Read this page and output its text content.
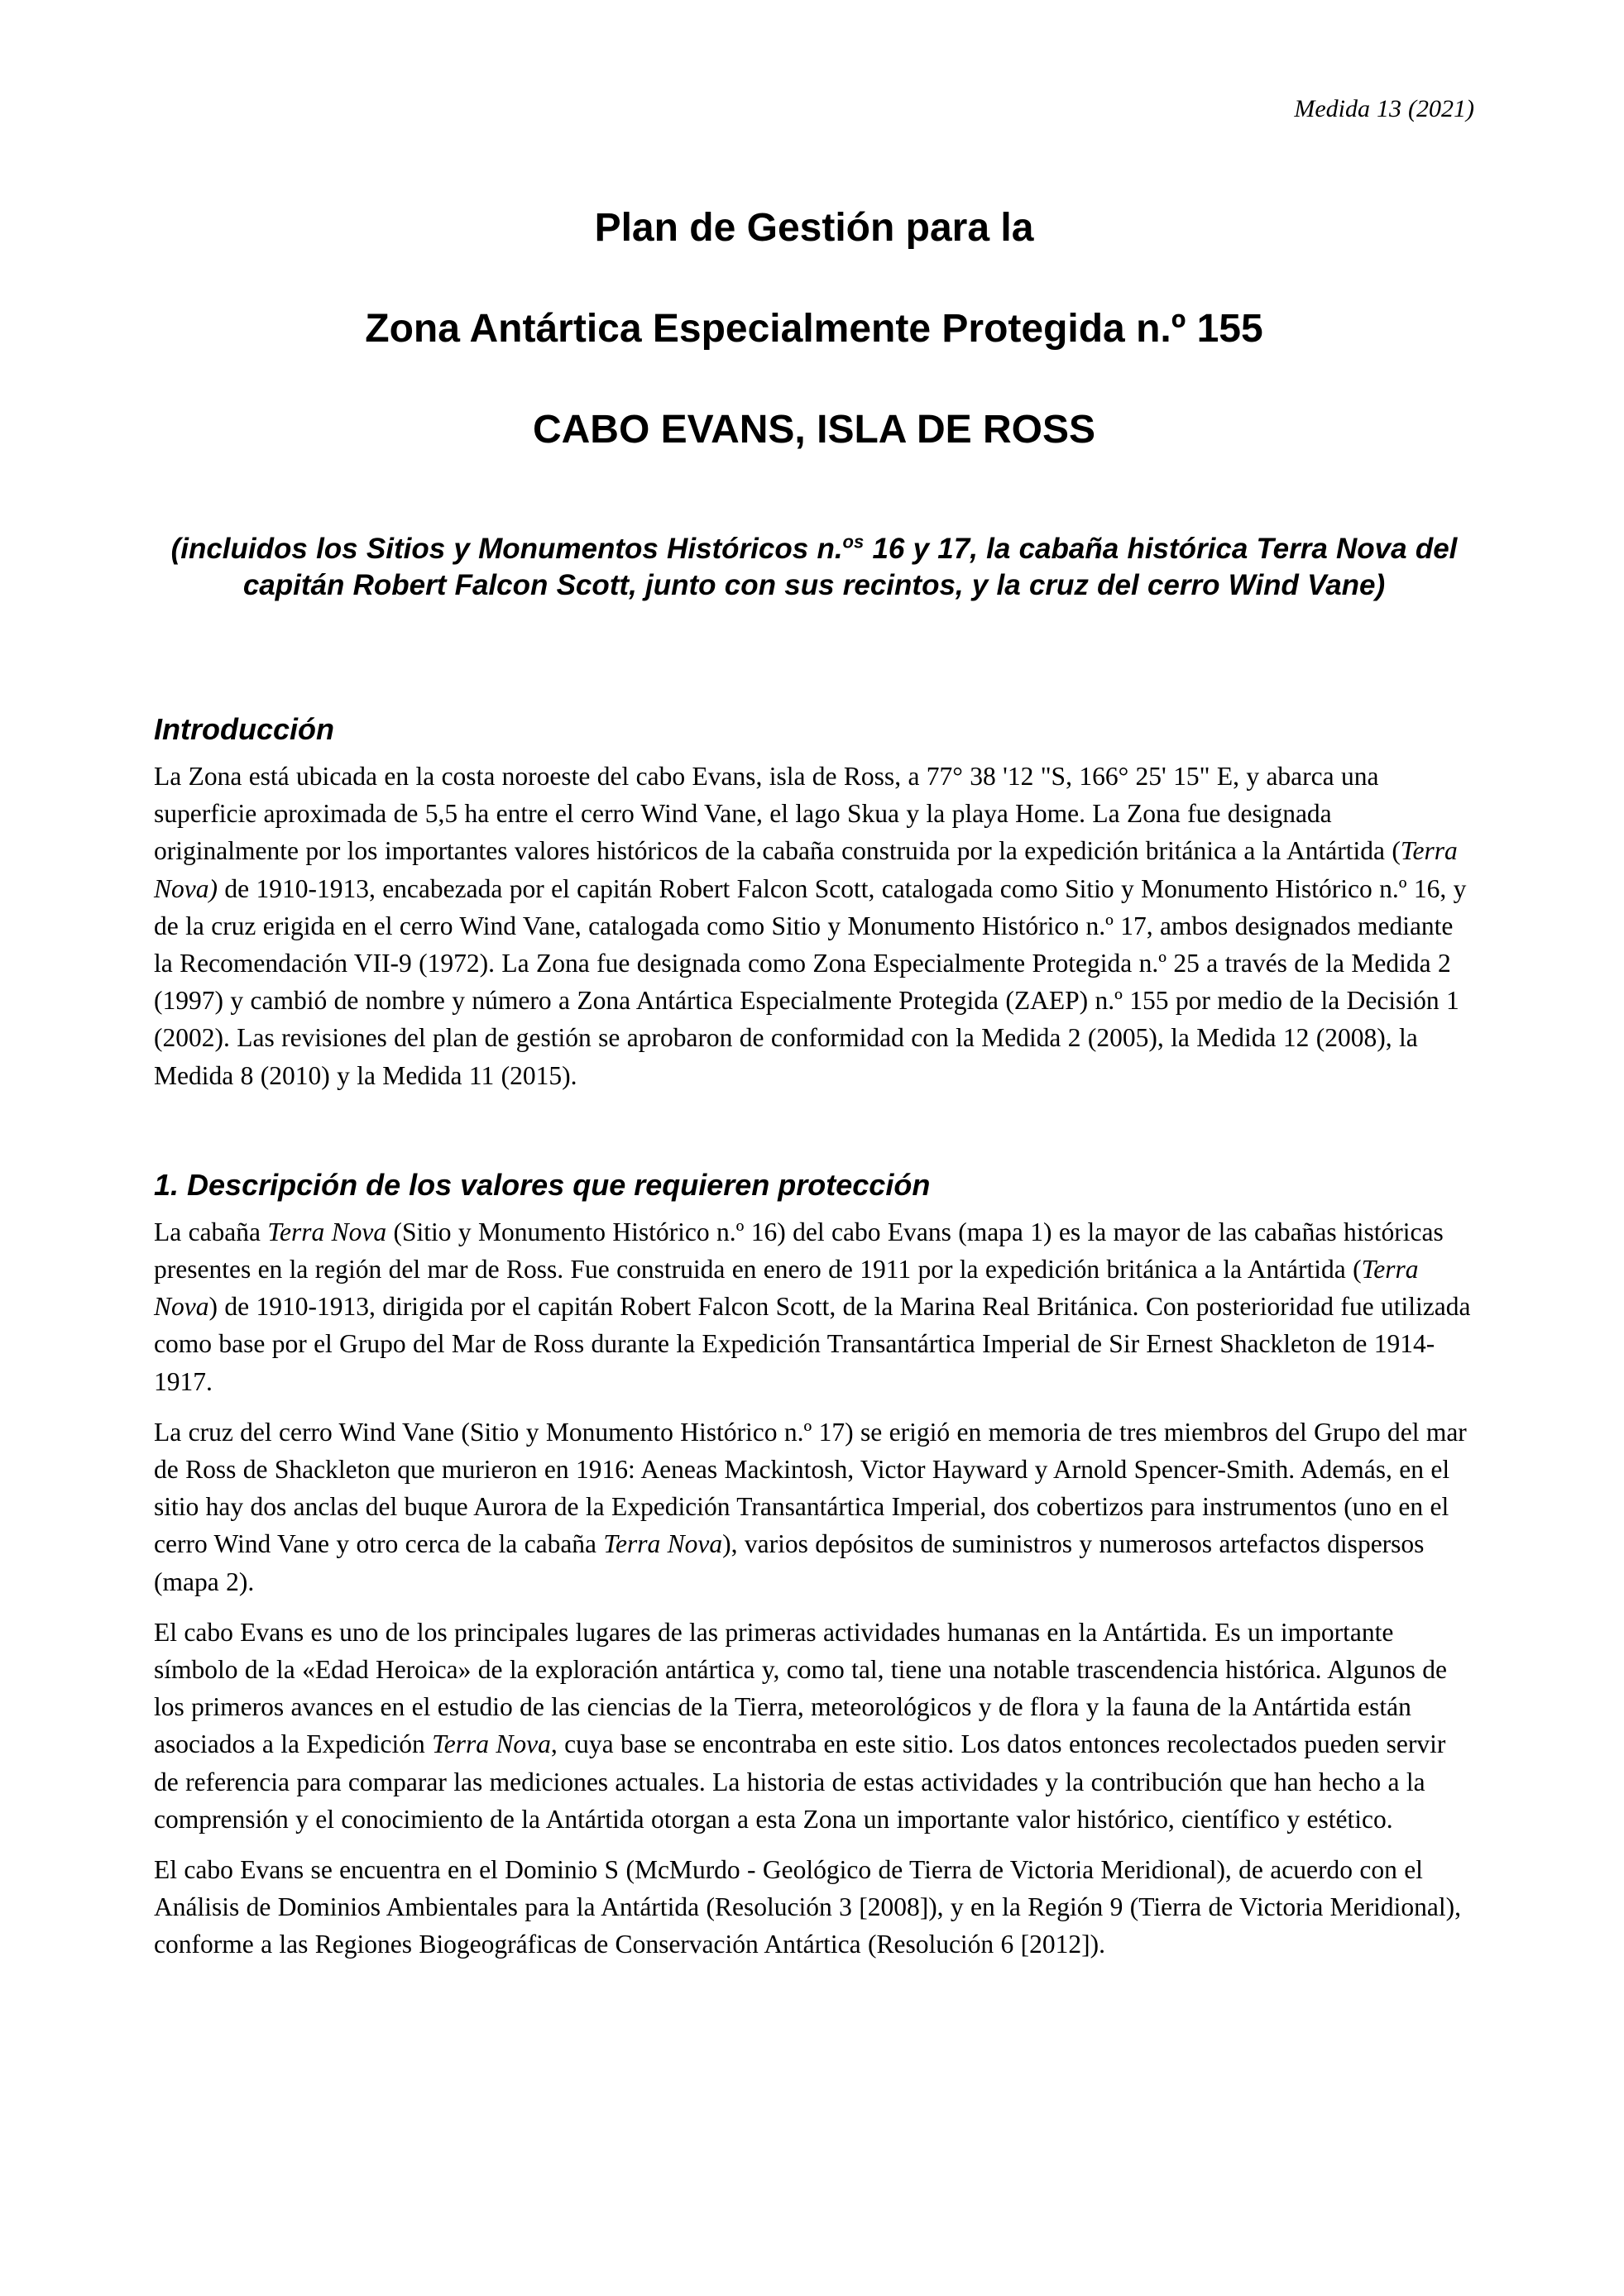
Medida 13 (2021)

Plan de Gestión para la
Zona Antártica Especialmente Protegida n.º 155
CABO EVANS, ISLA DE ROSS

(incluidos los Sitios y Monumentos Históricos n.$^{os}$ 16 y 17, la cabaña histórica Terra Nova del capitán Robert Falcon Scott, junto con sus recintos, y la cruz del cerro Wind Vane)

Introducción

La Zona está ubicada en la costa noroeste del cabo Evans, isla de Ross, a 77° 38 '12 "S, 166° 25' 15" E, y abarca una superficie aproximada de 5,5 ha entre el cerro Wind Vane, el lago Skua y la playa Home. La Zona fue designada originalmente por los importantes valores históricos de la cabaña construida por la expedición británica a la Antártida (Terra Nova) de 1910-1913, encabezada por el capitán Robert Falcon Scott, catalogada como Sitio y Monumento Histórico n.º 16, y de la cruz erigida en el cerro Wind Vane, catalogada como Sitio y Monumento Histórico n.º 17, ambos designados mediante la Recomendación VII-9 (1972). La Zona fue designada como Zona Especialmente Protegida n.º 25 a través de la Medida 2 (1997) y cambió de nombre y número a Zona Antártica Especialmente Protegida (ZAEP) n.º 155 por medio de la Decisión 1 (2002). Las revisiones del plan de gestión se aprobaron de conformidad con la Medida 2 (2005), la Medida 12 (2008), la Medida 8 (2010) y la Medida 11 (2015).

1. Descripción de los valores que requieren protección

La cabaña Terra Nova (Sitio y Monumento Histórico n.º 16) del cabo Evans (mapa 1) es la mayor de las cabañas históricas presentes en la región del mar de Ross. Fue construida en enero de 1911 por la expedición británica a la Antártida (Terra Nova) de 1910-1913, dirigida por el capitán Robert Falcon Scott, de la Marina Real Británica. Con posterioridad fue utilizada como base por el Grupo del Mar de Ross durante la Expedición Transantártica Imperial de Sir Ernest Shackleton de 1914-1917.

La cruz del cerro Wind Vane (Sitio y Monumento Histórico n.º 17) se erigió en memoria de tres miembros del Grupo del mar de Ross de Shackleton que murieron en 1916: Aeneas Mackintosh, Victor Hayward y Arnold Spencer-Smith. Además, en el sitio hay dos anclas del buque Aurora de la Expedición Transantártica Imperial, dos cobertizos para instrumentos (uno en el cerro Wind Vane y otro cerca de la cabaña Terra Nova), varios depósitos de suministros y numerosos artefactos dispersos (mapa 2).

El cabo Evans es uno de los principales lugares de las primeras actividades humanas en la Antártida. Es un importante símbolo de la «Edad Heroica» de la exploración antártica y, como tal, tiene una notable trascendencia histórica. Algunos de los primeros avances en el estudio de las ciencias de la Tierra, meteorológicos y de flora y la fauna de la Antártida están asociados a la Expedición Terra Nova, cuya base se encontraba en este sitio. Los datos entonces recolectados pueden servir de referencia para comparar las mediciones actuales. La historia de estas actividades y la contribución que han hecho a la comprensión y el conocimiento de la Antártida otorgan a esta Zona un importante valor histórico, científico y estético.

El cabo Evans se encuentra en el Dominio S (McMurdo - Geológico de Tierra de Victoria Meridional), de acuerdo con el Análisis de Dominios Ambientales para la Antártida (Resolución 3 [2008]), y en la Región 9 (Tierra de Victoria Meridional), conforme a las Regiones Biogeográficas de Conservación Antártica (Resolución 6 [2012]).
